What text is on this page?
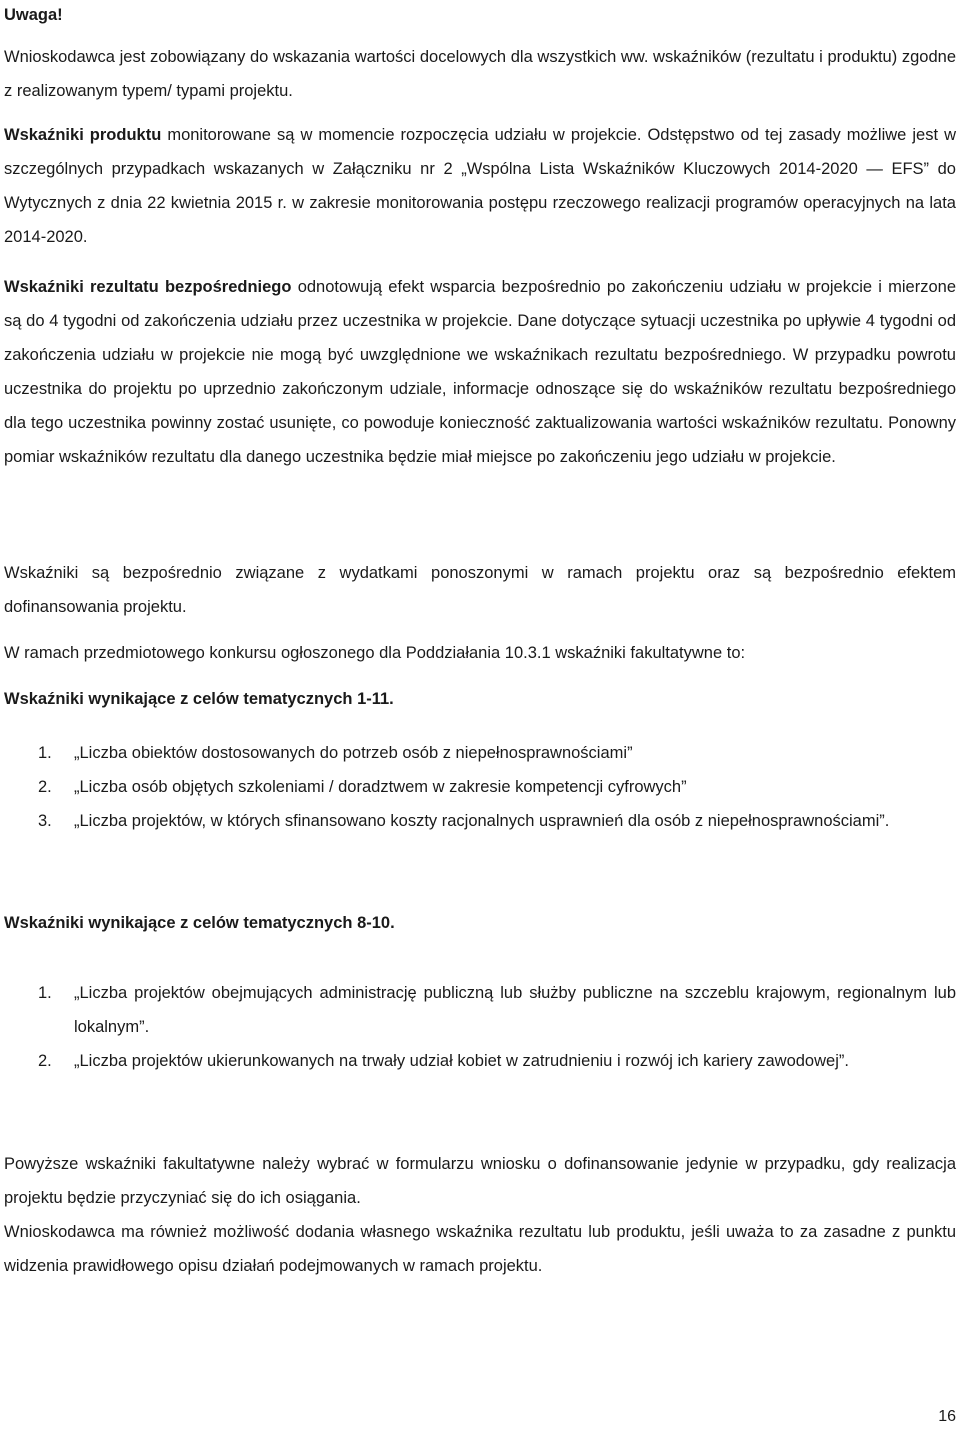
Uwaga!

Wnioskodawca jest zobowiązany do wskazania wartości docelowych dla wszystkich ww. wskaźników (rezultatu i produktu) zgodne z realizowanym typem/ typami projektu.

Wskaźniki produktu monitorowane są w momencie rozpoczęcia udziału w projekcie. Odstępstwo od tej zasady możliwe jest w szczególnych przypadkach wskazanych w Załączniku nr 2 „Wspólna Lista Wskaźników Kluczowych 2014-2020 — EFS” do Wytycznych z dnia 22 kwietnia 2015 r. w zakresie monitorowania postępu rzeczowego realizacji programów operacyjnych na lata 2014-2020.

Wskaźniki rezultatu bezpośredniego odnotowują efekt wsparcia bezpośrednio po zakończeniu udziału w projekcie i mierzone są do 4 tygodni od zakończenia udziału przez uczestnika w projekcie. Dane dotyczące sytuacji uczestnika po upływie 4 tygodni od zakończenia udziału w projekcie nie mogą być uwzględnione we wskaźnikach rezultatu bezpośredniego. W przypadku powrotu uczestnika do projektu po uprzednio zakończonym udziale, informacje odnoszące się do wskaźników rezultatu bezpośredniego dla tego uczestnika powinny zostać usunięte, co powoduje konieczność zaktualizowania wartości wskaźników rezultatu. Ponowny pomiar wskaźników rezultatu dla danego uczestnika będzie miał miejsce po zakończeniu jego udziału w projekcie.

Wskaźniki są bezpośrednio związane z wydatkami ponoszonymi w ramach projektu oraz są bezpośrednio efektem dofinansowania projektu.

W ramach przedmiotowego konkursu ogłoszonego dla Poddziałania 10.3.1 wskaźniki fakultatywne to:

Wskaźniki wynikające z celów tematycznych 1-11.

1. „Liczba obiektów dostosowanych do potrzeb osób z niepełnosprawnościami”
2. „Liczba osób objętych szkoleniami / doradztwem w zakresie kompetencji cyfrowych”
3. „Liczba projektów, w których sfinansowano koszty racjonalnych usprawnień dla osób z niepełnosprawnościami”.

Wskaźniki wynikające z celów tematycznych 8-10.

1. „Liczba projektów obejmujących administrację publiczną lub służby publiczne na szczeblu krajowym, regionalnym lub lokalnym”.
2. „Liczba projektów ukierunkowanych na trwały udział kobiet w zatrudnieniu i rozwój ich kariery zawodowej”.

Powyższe wskaźniki fakultatywne należy wybrać w formularzu wniosku o dofinansowanie jedynie w przypadku, gdy realizacja projektu będzie przyczyniać się do ich osiągania.

Wnioskodawca ma również możliwość dodania własnego wskaźnika rezultatu lub produktu, jeśli uważa to za zasadne z punktu widzenia prawidłowego opisu działań podejmowanych w ramach projektu.

16
